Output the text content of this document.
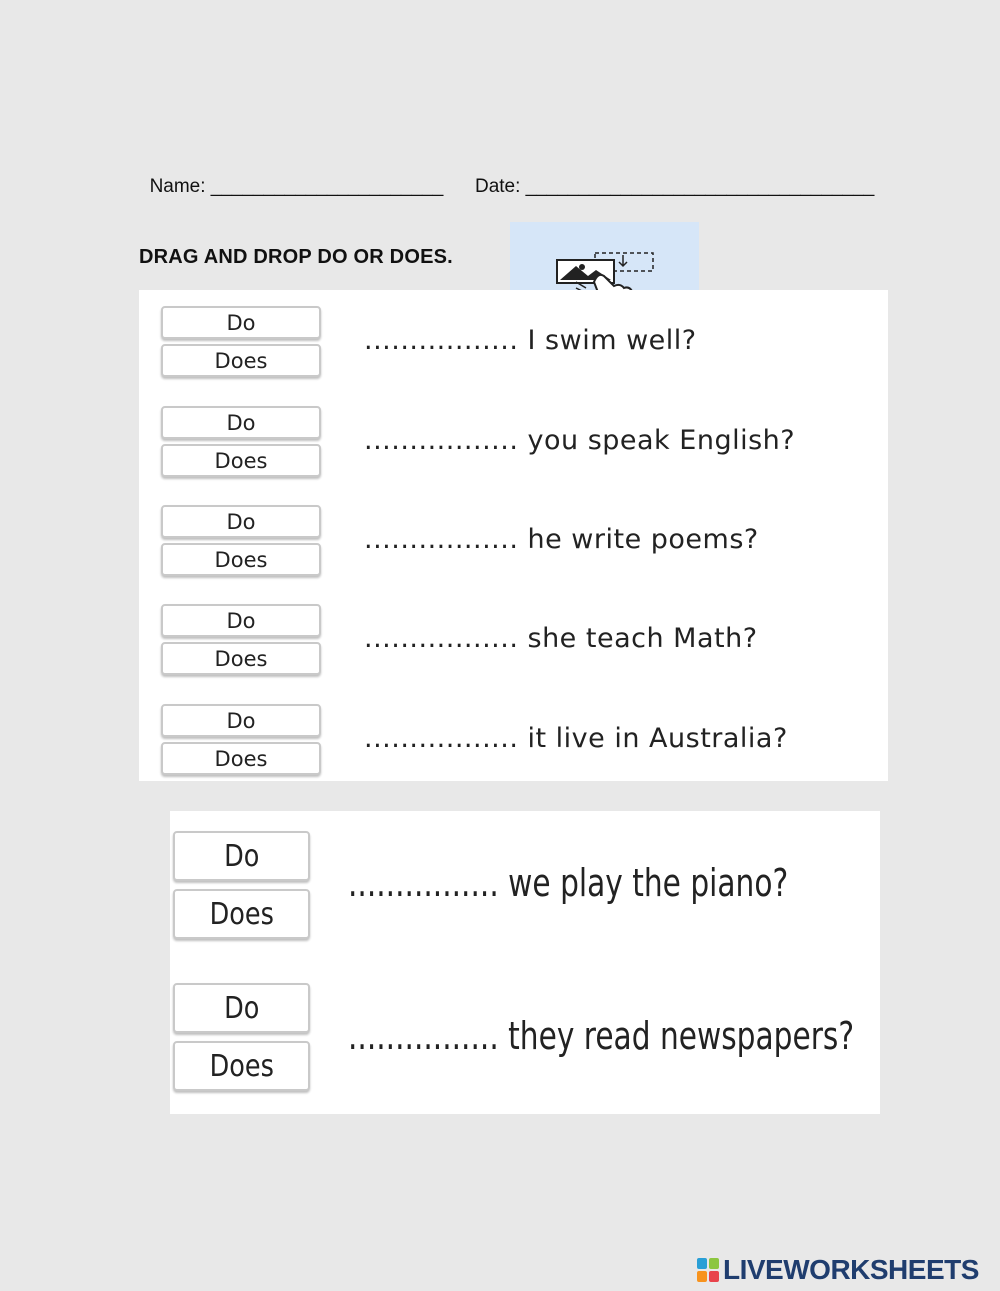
Name: ______________________ Date: _________________________________

DRAG AND DROP DO OR DOES.
Do
Does
................. I swim well?
Do
Does
................. you speak English?
Do
Does
................. he write poems?
Do
Does
................. she teach Math?
Do
Does
................. it live in Australia?
Do
Does
................ we play the piano?
Do
Does
................ they read newspapers?
LIVEWORKSHEETS
